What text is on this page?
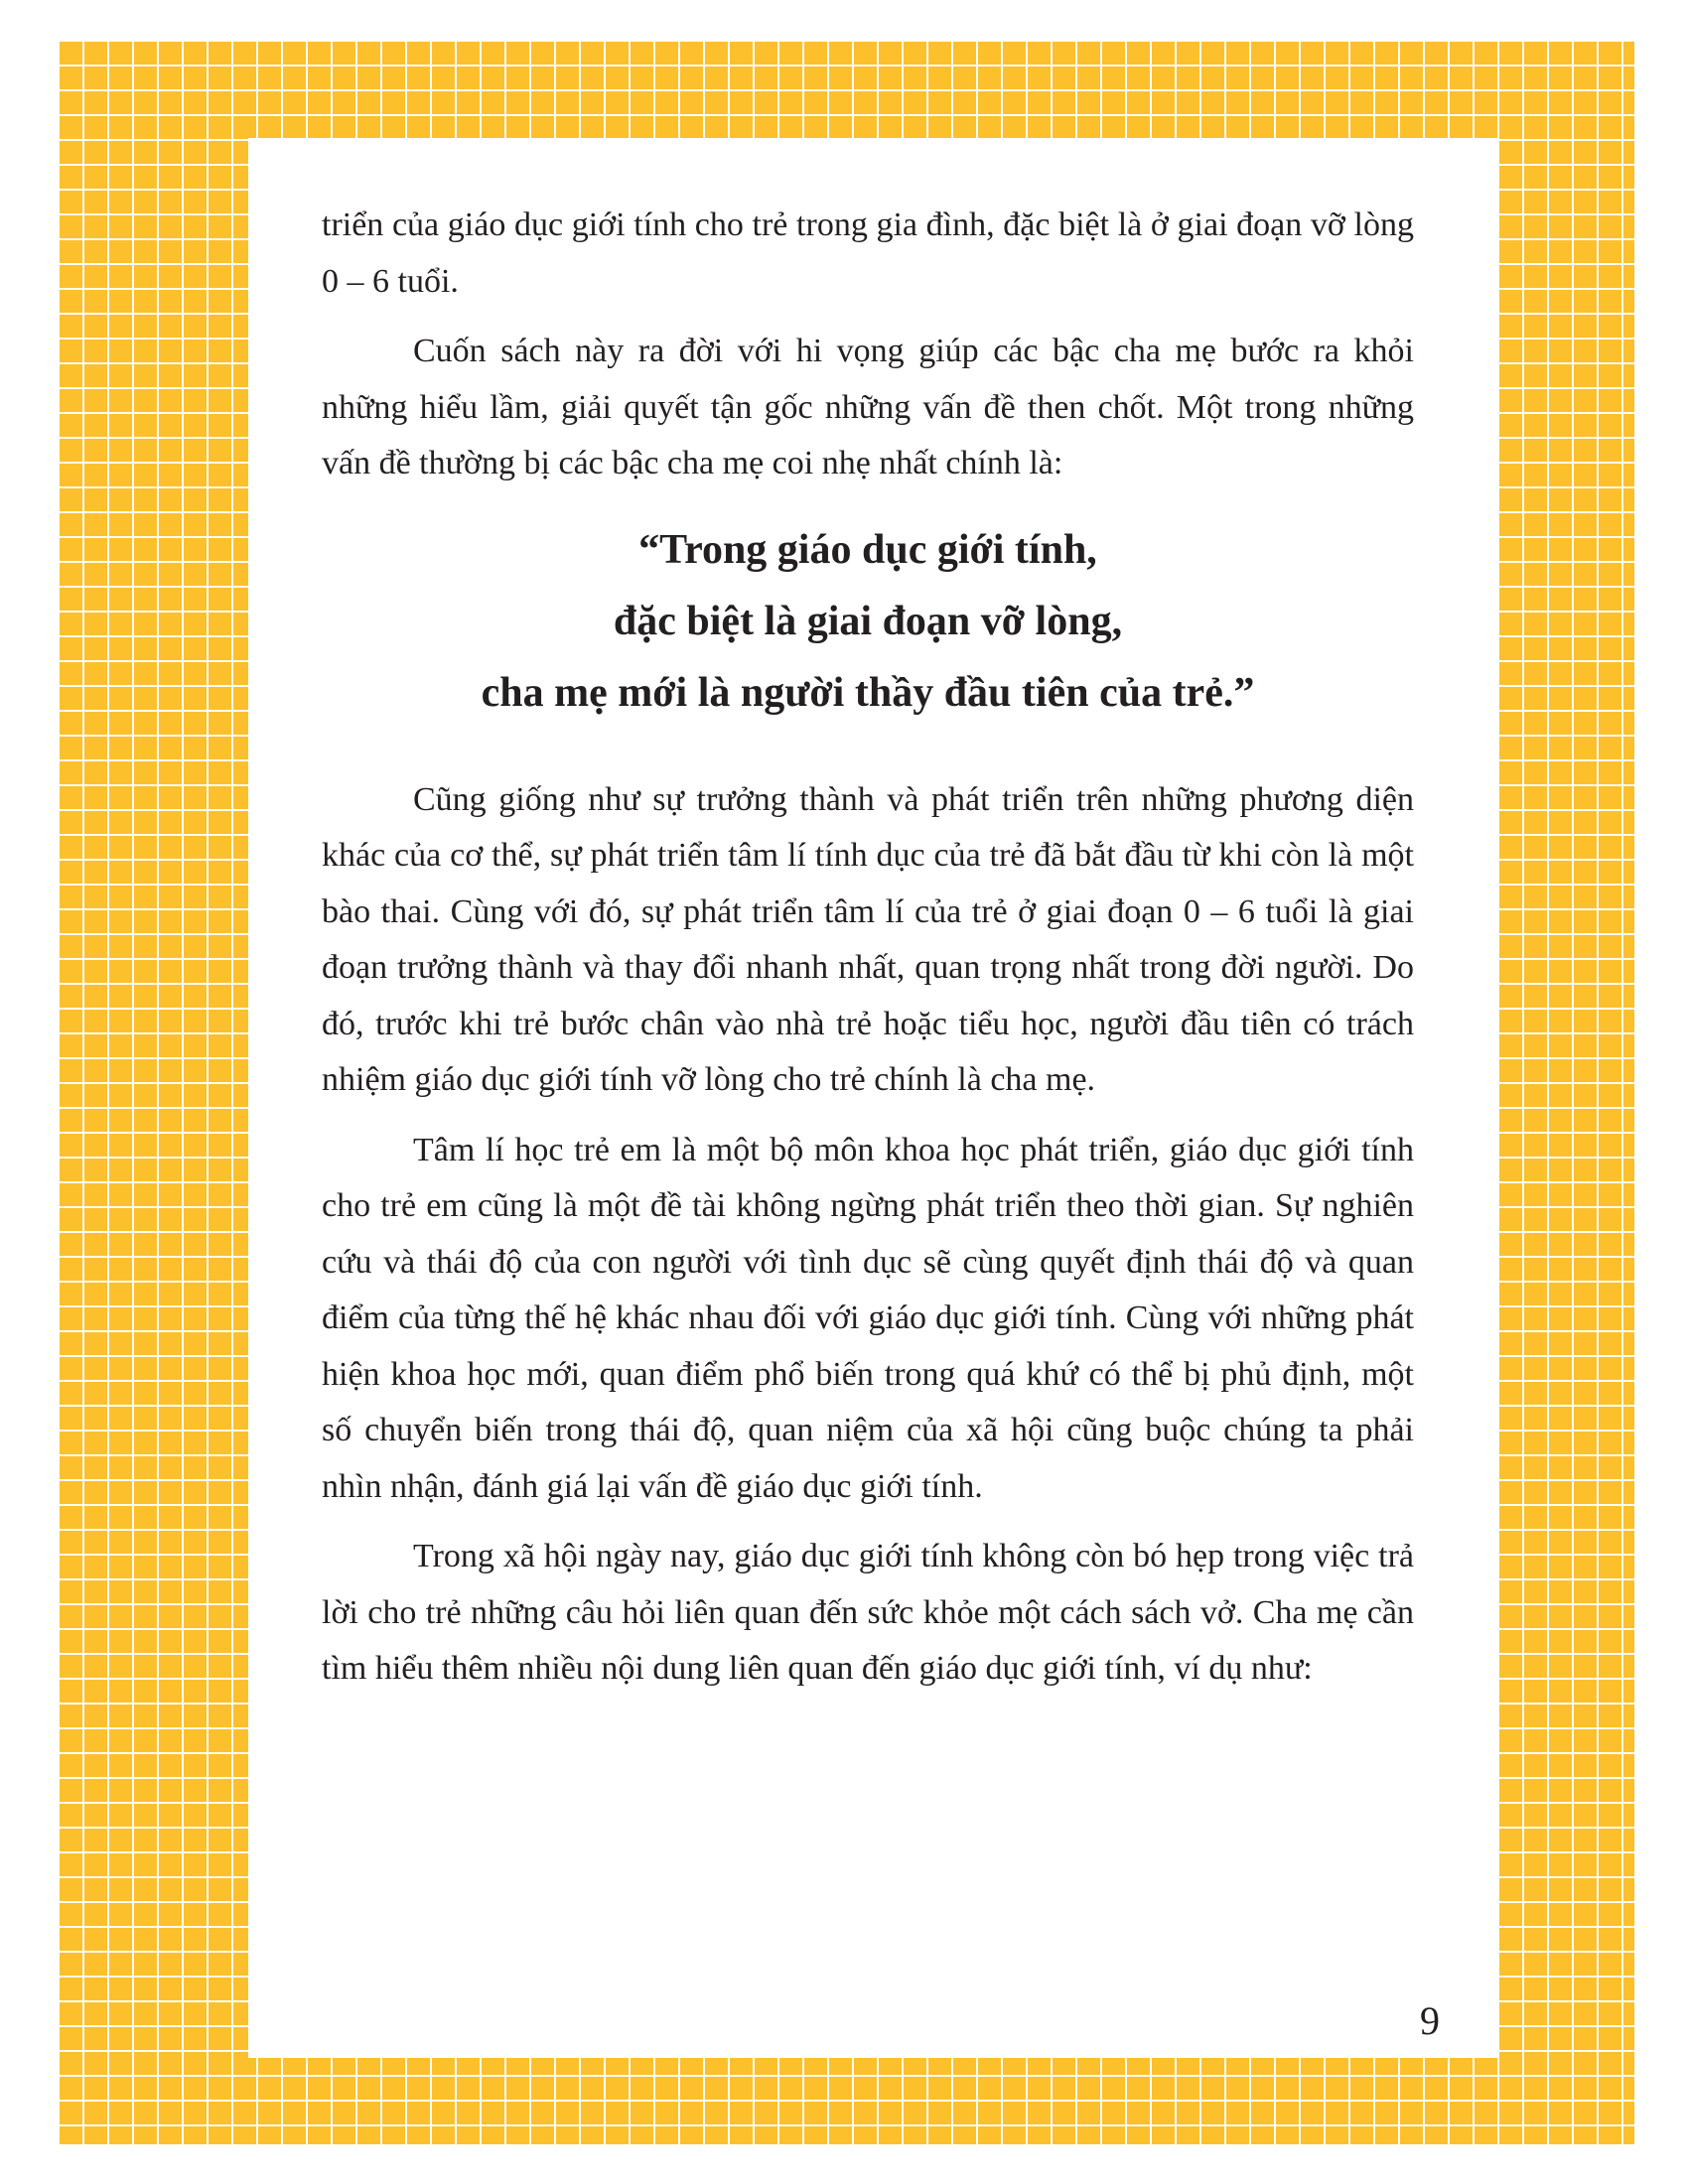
triển của giáo dục giới tính cho trẻ trong gia đình, đặc biệt là ở giai đoạn vỡ lòng 0 – 6 tuổi.

Cuốn sách này ra đời với hi vọng giúp các bậc cha mẹ bước ra khỏi những hiểu lầm, giải quyết tận gốc những vấn đề then chốt. Một trong những vấn đề thường bị các bậc cha mẹ coi nhẹ nhất chính là:

“Trong giáo dục giới tính,
đặc biệt là giai đoạn vỡ lòng,
cha mẹ mới là người thầy đầu tiên của trẻ.”

Cũng giống như sự trưởng thành và phát triển trên những phương diện khác của cơ thể, sự phát triển tâm lí tính dục của trẻ đã bắt đầu từ khi còn là một bào thai. Cùng với đó, sự phát triển tâm lí của trẻ ở giai đoạn 0 – 6 tuổi là giai đoạn trưởng thành và thay đổi nhanh nhất, quan trọng nhất trong đời người. Do đó, trước khi trẻ bước chân vào nhà trẻ hoặc tiểu học, người đầu tiên có trách nhiệm giáo dục giới tính vỡ lòng cho trẻ chính là cha mẹ.

Tâm lí học trẻ em là một bộ môn khoa học phát triển, giáo dục giới tính cho trẻ em cũng là một đề tài không ngừng phát triển theo thời gian. Sự nghiên cứu và thái độ của con người với tình dục sẽ cùng quyết định thái độ và quan điểm của từng thế hệ khác nhau đối với giáo dục giới tính. Cùng với những phát hiện khoa học mới, quan điểm phổ biến trong quá khứ có thể bị phủ định, một số chuyển biến trong thái độ, quan niệm của xã hội cũng buộc chúng ta phải nhìn nhận, đánh giá lại vấn đề giáo dục giới tính.

Trong xã hội ngày nay, giáo dục giới tính không còn bó hẹp trong việc trả lời cho trẻ những câu hỏi liên quan đến sức khỏe một cách sách vở. Cha mẹ cần tìm hiểu thêm nhiều nội dung liên quan đến giáo dục giới tính, ví dụ như:

9
